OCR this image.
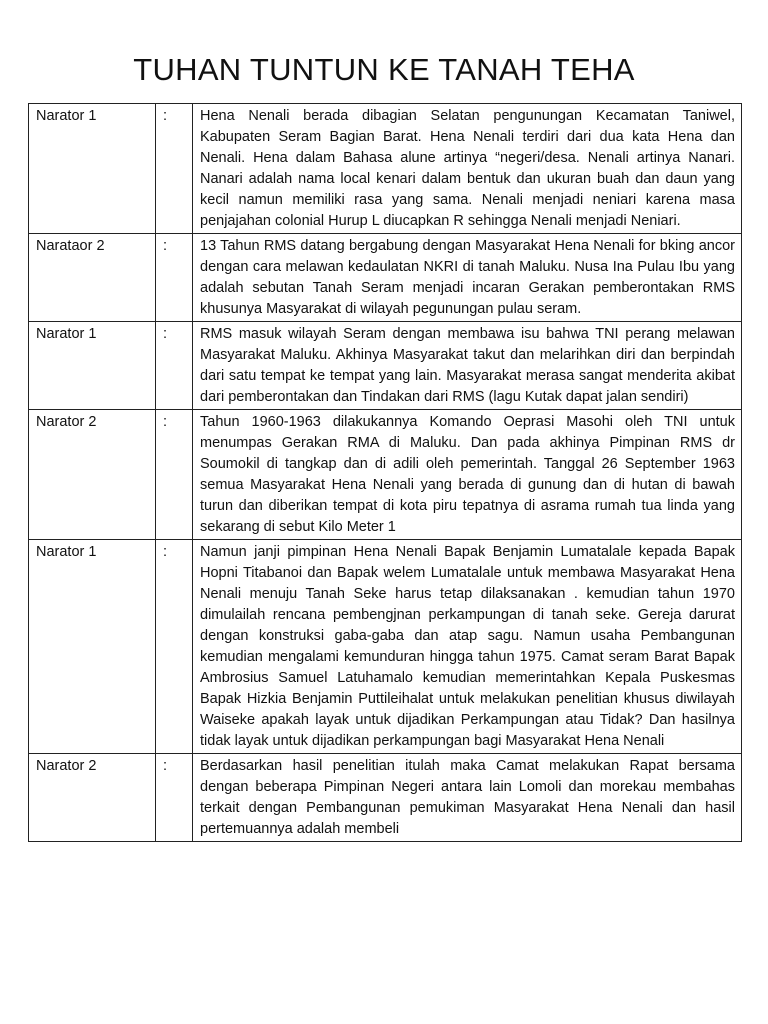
TUHAN TUNTUN KE TANAH TEHA
Narator 1	:	Hena Nenali berada dibagian Selatan pengunungan Kecamatan Taniwel, Kabupaten Seram Bagian Barat. Hena Nenali terdiri dari dua kata Hena dan Nenali. Hena dalam Bahasa alune artinya “negeri/desa. Nenali artinya Nanari. Nanari adalah nama local kenari dalam bentuk dan ukuran buah dan daun yang kecil namun memiliki rasa yang sama. Nenali menjadi neniari karena masa penjajahan colonial Hurup L diucapkan R sehingga Nenali menjadi Neniari.
Narataor 2	:	13 Tahun RMS datang bergabung dengan Masyarakat Hena Nenali for bking ancor dengan cara melawan kedaulatan NKRI di tanah Maluku. Nusa Ina Pulau Ibu yang adalah sebutan Tanah Seram menjadi incaran Gerakan pemberontakan RMS khusunya Masyarakat di wilayah pegunungan pulau seram.
Narator 1	:	RMS masuk wilayah Seram dengan membawa isu bahwa TNI perang melawan Masyarakat Maluku. Akhinya Masyarakat takut dan melarihkan diri dan berpindah dari satu tempat ke tempat yang lain. Masyarakat merasa sangat menderita akibat dari pemberontakan dan Tindakan dari RMS (lagu Kutak dapat jalan sendiri)
Narator 2	:	Tahun 1960-1963 dilakukannya Komando Oeprasi Masohi oleh TNI untuk menumpas Gerakan RMA di Maluku. Dan pada akhinya Pimpinan RMS dr Soumokil di tangkap dan di adili oleh pemerintah. Tanggal 26 September 1963 semua Masyarakat Hena Nenali yang berada di gunung dan di hutan di bawah turun dan diberikan tempat di kota piru tepatnya di asrama rumah tua linda yang sekarang di sebut Kilo Meter 1
Narator 1	:	Namun janji pimpinan Hena Nenali Bapak Benjamin Lumatalale kepada Bapak Hopni Titabanoi dan Bapak welem Lumatalale untuk membawa Masyarakat Hena Nenali menuju Tanah Seke harus tetap dilaksanakan . kemudian tahun 1970 dimulailah rencana pembengjnan perkampungan di tanah seke. Gereja darurat dengan konstruksi gaba-gaba dan atap sagu. Namun usaha Pembangunan kemudian mengalami kemunduran hingga tahun 1975. Camat seram Barat Bapak Ambrosius Samuel Latuhamalo kemudian memerintahkan Kepala Puskesmas Bapak Hizkia Benjamin Puttileihalat untuk melakukan penelitian khusus diwilayah Waiseke apakah layak untuk dijadikan Perkampungan atau Tidak? Dan hasilnya tidak layak untuk dijadikan perkampungan bagi Masyarakat Hena Nenali
Narator 2	:	Berdasarkan hasil penelitian itulah maka Camat melakukan Rapat bersama dengan beberapa Pimpinan Negeri antara lain Lomoli dan morekau membahas terkait dengan Pembangunan pemukiman Masyarakat Hena Nenali dan hasil pertemuannya adalah membeli
